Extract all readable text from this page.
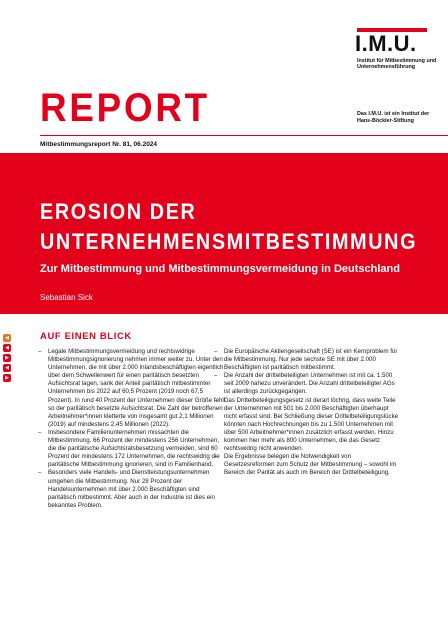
I.M.U.
Institut für Mitbestimmung und Unternehmensführung
REPORT
Mitbestimmungsreport Nr. 81, 06.2024
Das I.M.U. ist ein Institut der Hans-Böckler-Stiftung
EROSION DER
UNTERNEHMENSMITBESTIMMUNG
Zur Mitbestimmung und Mitbestimmungsvermeidung in Deutschland
Sebastian Sick
◀
◀
▶
◀
▶
AUF EINEN BLICK
– Legale Mitbestimmungsvermeidung und rechtswidrige Mitbestimmungsignorierung nehmen immer weiter zu. Unter den Unternehmen, die mit über 2.000 Inlandsbeschäftigten eigentlich über dem Schwellenwert für einen paritätisch besetzten Aufsichtsrat lagen, sank der Anteil paritätisch mitbestimmter Unternehmen bis 2022 auf 60,5 Prozent (2019 noch 67,5 Prozent). In rund 40 Prozent der Unternehmen dieser Größe fehlt so der paritätisch besetzte Aufsichtsrat. Die Zahl der betroffenen Arbeitnehmer*innen kletterte von insgesamt gut 2,1 Millionen (2019) auf mindestens 2,45 Millionen (2022).
– Insbesondere Familienunternehmen missachten die Mitbestimmung. 66 Prozent der mindestens 256 Unternehmen, die die paritätische Aufsichtsratsbesetzung vermeiden, sind 60 Prozent der mindestens 172 Unternehmen, die rechtswidrig die paritätische Mitbestimmung ignorieren, sind in Familienhand.
– Besonders viele Handels- und Dienstleistungsunternehmen umgehen die Mitbestimmung. Nur 28 Prozent der Handelsunternehmen mit über 2.000 Beschäftigten sind paritätisch mitbestimmt. Aber auch in der Industrie ist dies ein bekanntes Problem.
– Die Europäische Aktiengesellschaft (SE) ist ein Kernproblem für die Mitbestimmung. Nur jede sechste SE mit über 2.000 Beschäftigten ist paritätisch mitbestimmt.
– Die Anzahl der drittelbeteiligten Unternehmen ist mit ca. 1.500 seit 2009 nahezu unverändert. Die Anzahl drittelbeteiligter AGs ist allerdings zurückgegangen.
– Das Drittelbeteiligungsgesetz ist derart löchrig, dass weite Teile der Unternehmen mit 501 bis 2.000 Beschäftigten überhaupt nicht erfasst sind. Bei Schließung dieser Drittelbeteiligungslücke könnten nach Hochrechnungen bis zu 1.500 Unternehmen mit über 500 Arbeitnehmer*innen zusätzlich erfasst werden. Hinzu kommen hier mehr als 800 Unternehmen, die das Gesetz rechtswidrig nicht anwenden.
– Die Ergebnisse belegen die Notwendigkeit von Gesetzesreformen zum Schutz der Mitbestimmung – sowohl im Bereich der Parität als auch im Bereich der Drittelbeteiligung.
